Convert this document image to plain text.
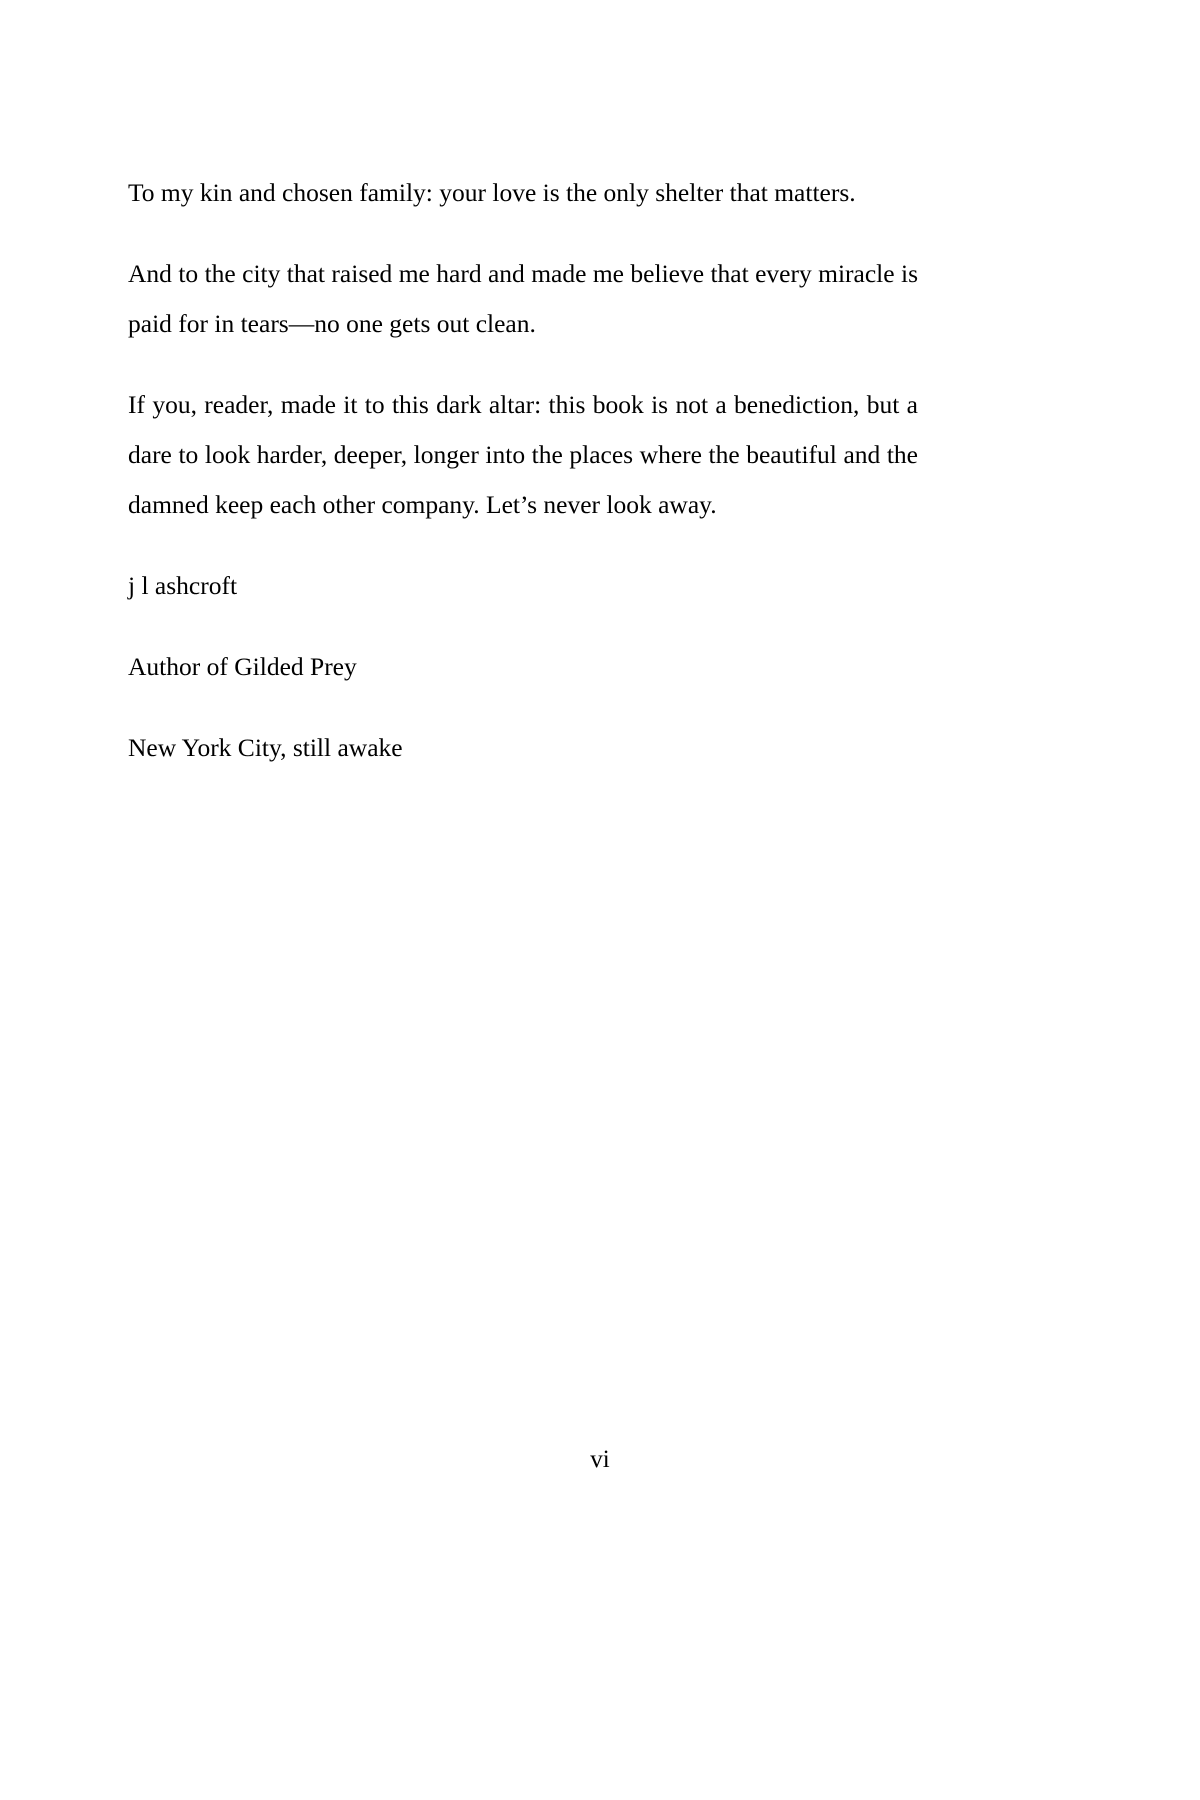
To my kin and chosen family: your love is the only shelter that matters.

And to the city that raised me hard and made me believe that every miracle is paid for in tears—no one gets out clean.

If you, reader, made it to this dark altar: this book is not a benediction, but a dare to look harder, deeper, longer into the places where the beautiful and the damned keep each other company. Let’s never look away.

j l ashcroft

Author of Gilded Prey

New York City, still awake

vi
